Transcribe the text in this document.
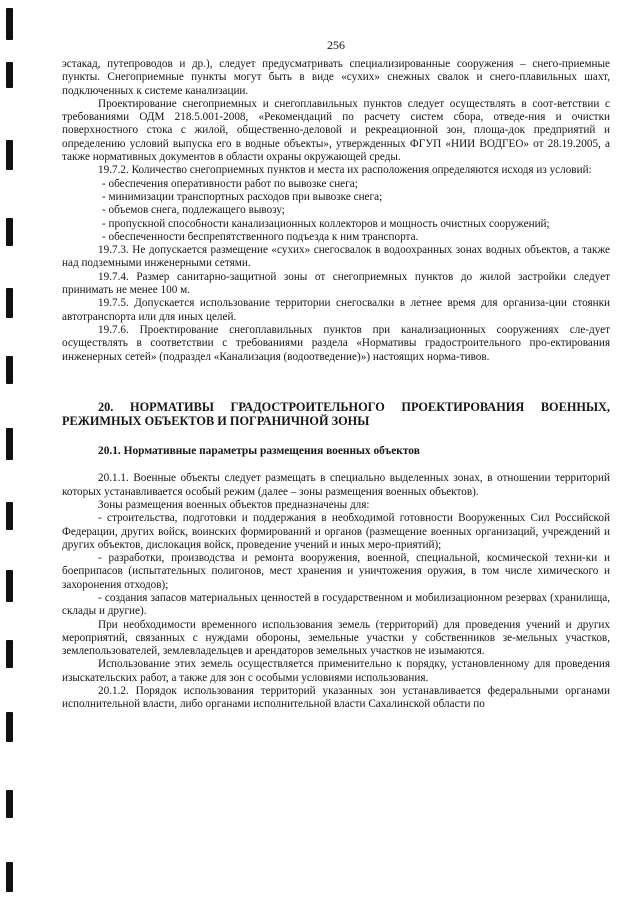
256

эстакад, путепроводов и др.), следует предусматривать специализированные сооружения – снего-приемные пункты. Снегоприемные пункты могут быть в виде «сухих» снежных свалок и снего-плавильных шахт, подключенных к системе канализации.

Проектирование снегоприемных и снегоплавильных пунктов следует осуществлять в соот-ветствии с требованиями ОДМ 218.5.001-2008, «Рекомендаций по расчету систем сбора, отведе-ния и очистки поверхностного стока с жилой, общественно-деловой и рекреационной зон, площа-док предприятий и определению условий выпуска его в водные объекты», утвержденных ФГУП «НИИ ВОДГЕО» от 28.19.2005, а также нормативных документов в области охраны окружающей среды.

19.7.2. Количество снегоприемных пунктов и места их расположения определяются исходя из условий:

- обеспечения оперативности работ по вывозке снега;

- минимизации транспортных расходов при вывозке снега;

- объемов снега, подлежащего вывозу;

- пропускной способности канализационных коллекторов и мощность очистных сооружений;

- обеспеченности беспрепятственного подъезда к ним транспорта.

19.7.3. Не допускается размещение «сухих» снегосвалок в водоохранных зонах водных объектов, а также над подземными инженерными сетями.

19.7.4. Размер санитарно-защитной зоны от снегоприемных пунктов до жилой застройки следует принимать не менее 100 м.

19.7.5. Допускается использование территории снегосвалки в летнее время для организа-ции стоянки автотранспорта или для иных целей.

19.7.6. Проектирование снегоплавильных пунктов при канализационных сооружениях сле-дует осуществлять в соответствии с требованиями раздела «Нормативы градостроительного про-ектирования инженерных сетей» (подраздел «Канализация (водоотведение)») настоящих норма-тивов.

20. НОРМАТИВЫ ГРАДОСТРОИТЕЛЬНОГО ПРОЕКТИРОВАНИЯ ВОЕННЫХ, РЕЖИМНЫХ ОБЪЕКТОВ И ПОГРАНИЧНОЙ ЗОНЫ

20.1. Нормативные параметры размещения военных объектов

20.1.1. Военные объекты следует размещать в специально выделенных зонах, в отношении территорий которых устанавливается особый режим (далее – зоны размещения военных объектов).

Зоны размещения военных объектов предназначены для:

- строительства, подготовки и поддержания в необходимой готовности Вооруженных Сил Российской Федерации, других войск, воинских формирований и органов (размещение военных организаций, учреждений и других объектов, дислокация войск, проведение учений и иных меро-приятий);

- разработки, производства и ремонта вооружения, военной, специальной, космической техни-ки и боеприпасов (испытательных полигонов, мест хранения и уничтожения оружия, в том числе химического и захоронения отходов);

- создания запасов материальных ценностей в государственном и мобилизационном резервах (хранилища, склады и другие).

При необходимости временного использования земель (территорий) для проведения учений и других мероприятий, связанных с нуждами обороны, земельные участки у собственников зе-мельных участков, землепользователей, землевладельцев и арендаторов земельных участков не изымаются.

Использование этих земель осуществляется применительно к порядку, установленному для проведения изыскательских работ, а также для зон с особыми условиями использования.

20.1.2. Порядок использования территорий указанных зон устанавливается федеральными органами исполнительной власти, либо органами исполнительной власти Сахалинской области по
